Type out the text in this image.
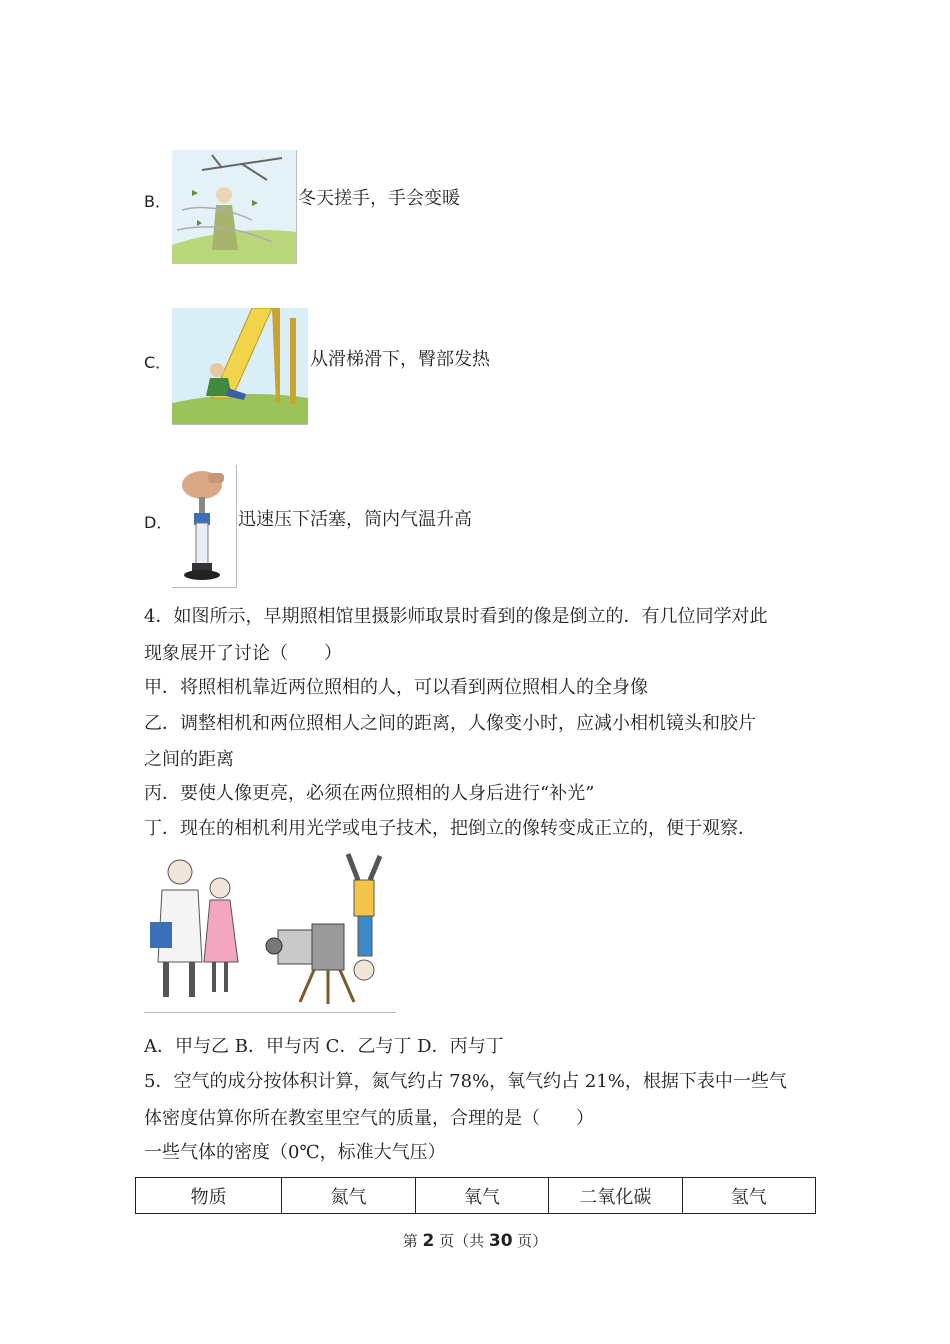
B．	冬天搓手，手会变暖
C．	从滑梯滑下，臀部发热
D．	迅速压下活塞，筒内气温升高
4．如图所示，早期照相馆里摄影师取景时看到的像是倒立的．有几位同学对此
现象展开了讨论（　　）
甲．将照相机靠近两位照相的人，可以看到两位照相人的全身像
乙．调整相机和两位照相人之间的距离，人像变小时，应减小相机镜头和胶片
之间的距离
丙．要使人像更亮，必须在两位照相的人身后进行“补光”
丁．现在的相机利用光学或电子技术，把倒立的像转变成正立的，便于观察．
A．甲与乙 B．甲与丙 C．乙与丁 D．丙与丁
5．空气的成分按体积计算，氮气约占 78%，氧气约占 21%，根据下表中一些气
体密度估算你所在教室里空气的质量，合理的是（　　）
一些气体的密度（0℃，标准大气压）
物质	氮气	氧气	二氧化碳	氢气
第 2 页（共 30 页）
